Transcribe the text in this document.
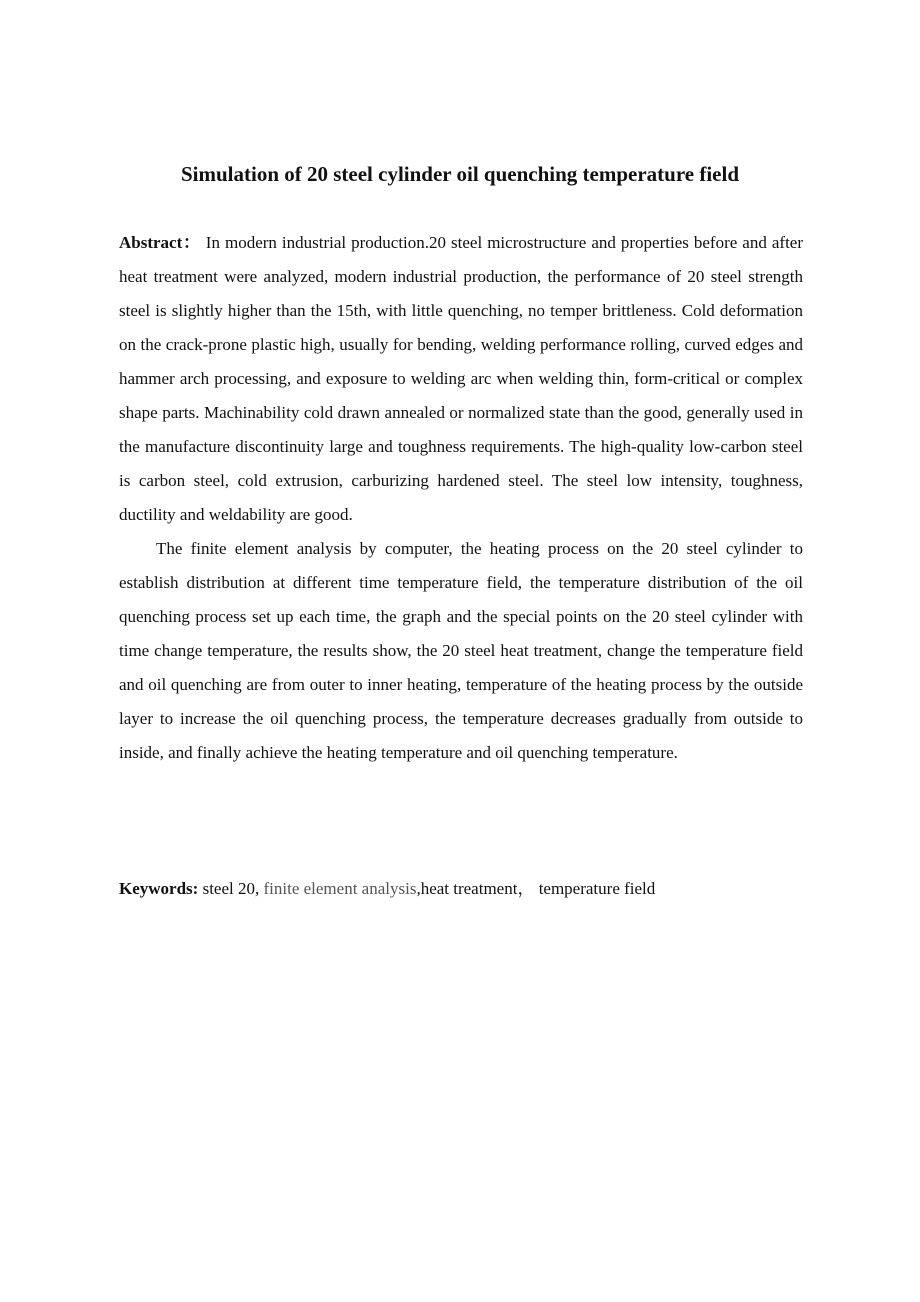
Simulation of 20 steel cylinder oil quenching temperature field

Abstract： In modern industrial production.20 steel microstructure and properties before and after heat treatment were analyzed, modern industrial production, the performance of 20 steel strength steel is slightly higher than the 15th, with little quenching, no temper brittleness. Cold deformation on the crack-prone plastic high, usually for bending, welding performance rolling, curved edges and hammer arch processing, and exposure to welding arc when welding thin, form-critical or complex shape parts. Machinability cold drawn annealed or normalized state than the good, generally used in the manufacture discontinuity large and toughness requirements. The high-quality low-carbon steel is carbon steel, cold extrusion, carburizing hardened steel. The steel low intensity, toughness, ductility and weldability are good.

The finite element analysis by computer, the heating process on the 20 steel cylinder to establish distribution at different time temperature field, the temperature distribution of the oil quenching process set up each time, the graph and the special points on the 20 steel cylinder with time change temperature, the results show, the 20 steel heat treatment, change the temperature field and oil quenching are from outer to inner heating, temperature of the heating process by the outside layer to increase the oil quenching process, the temperature decreases gradually from outside to inside, and finally achieve the heating temperature and oil quenching temperature.

Keywords: steel 20, finite element analysis,heat treatment， temperature field
